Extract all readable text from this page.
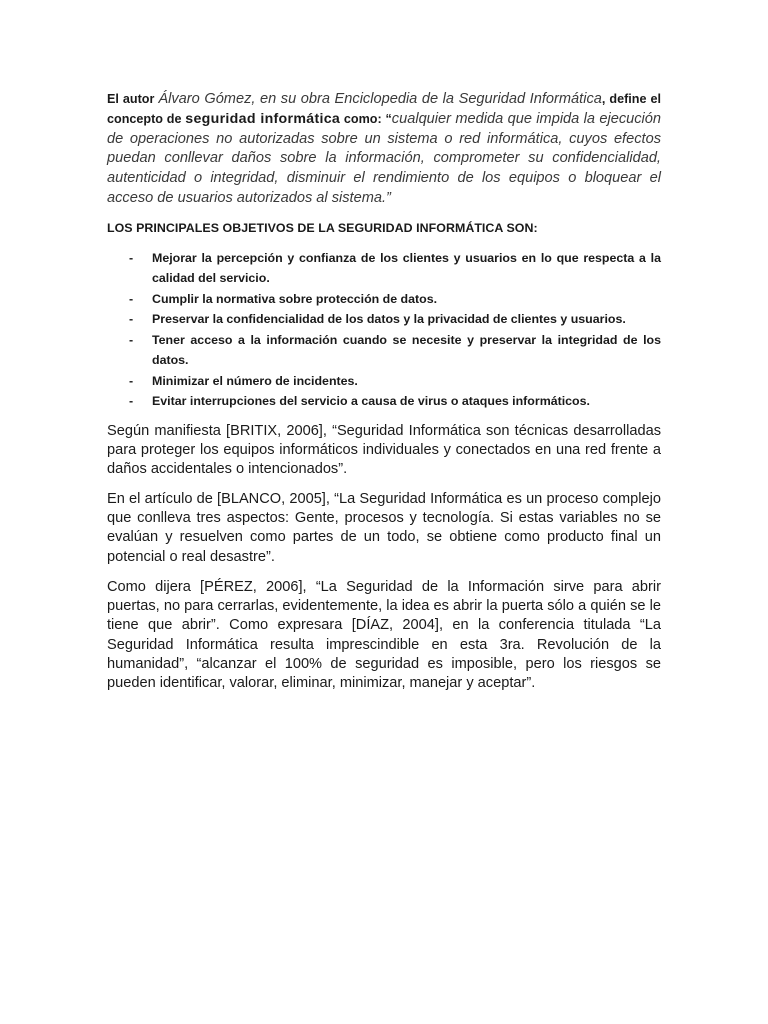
El autor Álvaro Gómez, en su obra Enciclopedia de la Seguridad Informática, define el concepto de seguridad informática como: “cualquier medida que impida la ejecución de operaciones no autorizadas sobre un sistema o red informática, cuyos efectos puedan conllevar daños sobre la información, comprometer su confidencialidad, autenticidad o integridad, disminuir el rendimiento de los equipos o bloquear el acceso de usuarios autorizados al sistema.”

LOS PRINCIPALES OBJETIVOS DE LA SEGURIDAD INFORMÁTICA SON:
- Mejorar la percepción y confianza de los clientes y usuarios en lo que respecta a la calidad del servicio.
- Cumplir la normativa sobre protección de datos.
- Preservar la confidencialidad de los datos y la privacidad de clientes y usuarios.
- Tener acceso a la información cuando se necesite y preservar la integridad de los datos.
- Minimizar el número de incidentes.
- Evitar interrupciones del servicio a causa de virus o ataques informáticos.

Según manifiesta [BRITIX, 2006], “Seguridad Informática son técnicas desarrolladas para proteger los equipos informáticos individuales y conectados en una red frente a daños accidentales o intencionados”.

En el artículo de [BLANCO, 2005], “La Seguridad Informática es un proceso complejo que conlleva tres aspectos: Gente, procesos y tecnología. Si estas variables no se evalúan y resuelven como partes de un todo, se obtiene como producto final un potencial o real desastre”.

Como dijera [PÉREZ, 2006], “La Seguridad de la Información sirve para abrir puertas, no para cerrarlas, evidentemente, la idea es abrir la puerta sólo a quién se le tiene que abrir”. Como expresara [DÍAZ, 2004], en la conferencia titulada “La Seguridad Informática resulta imprescindible en esta 3ra. Revolución de la humanidad”, “alcanzar el 100% de seguridad es imposible, pero los riesgos se pueden identificar, valorar, eliminar, minimizar, manejar y aceptar”.
